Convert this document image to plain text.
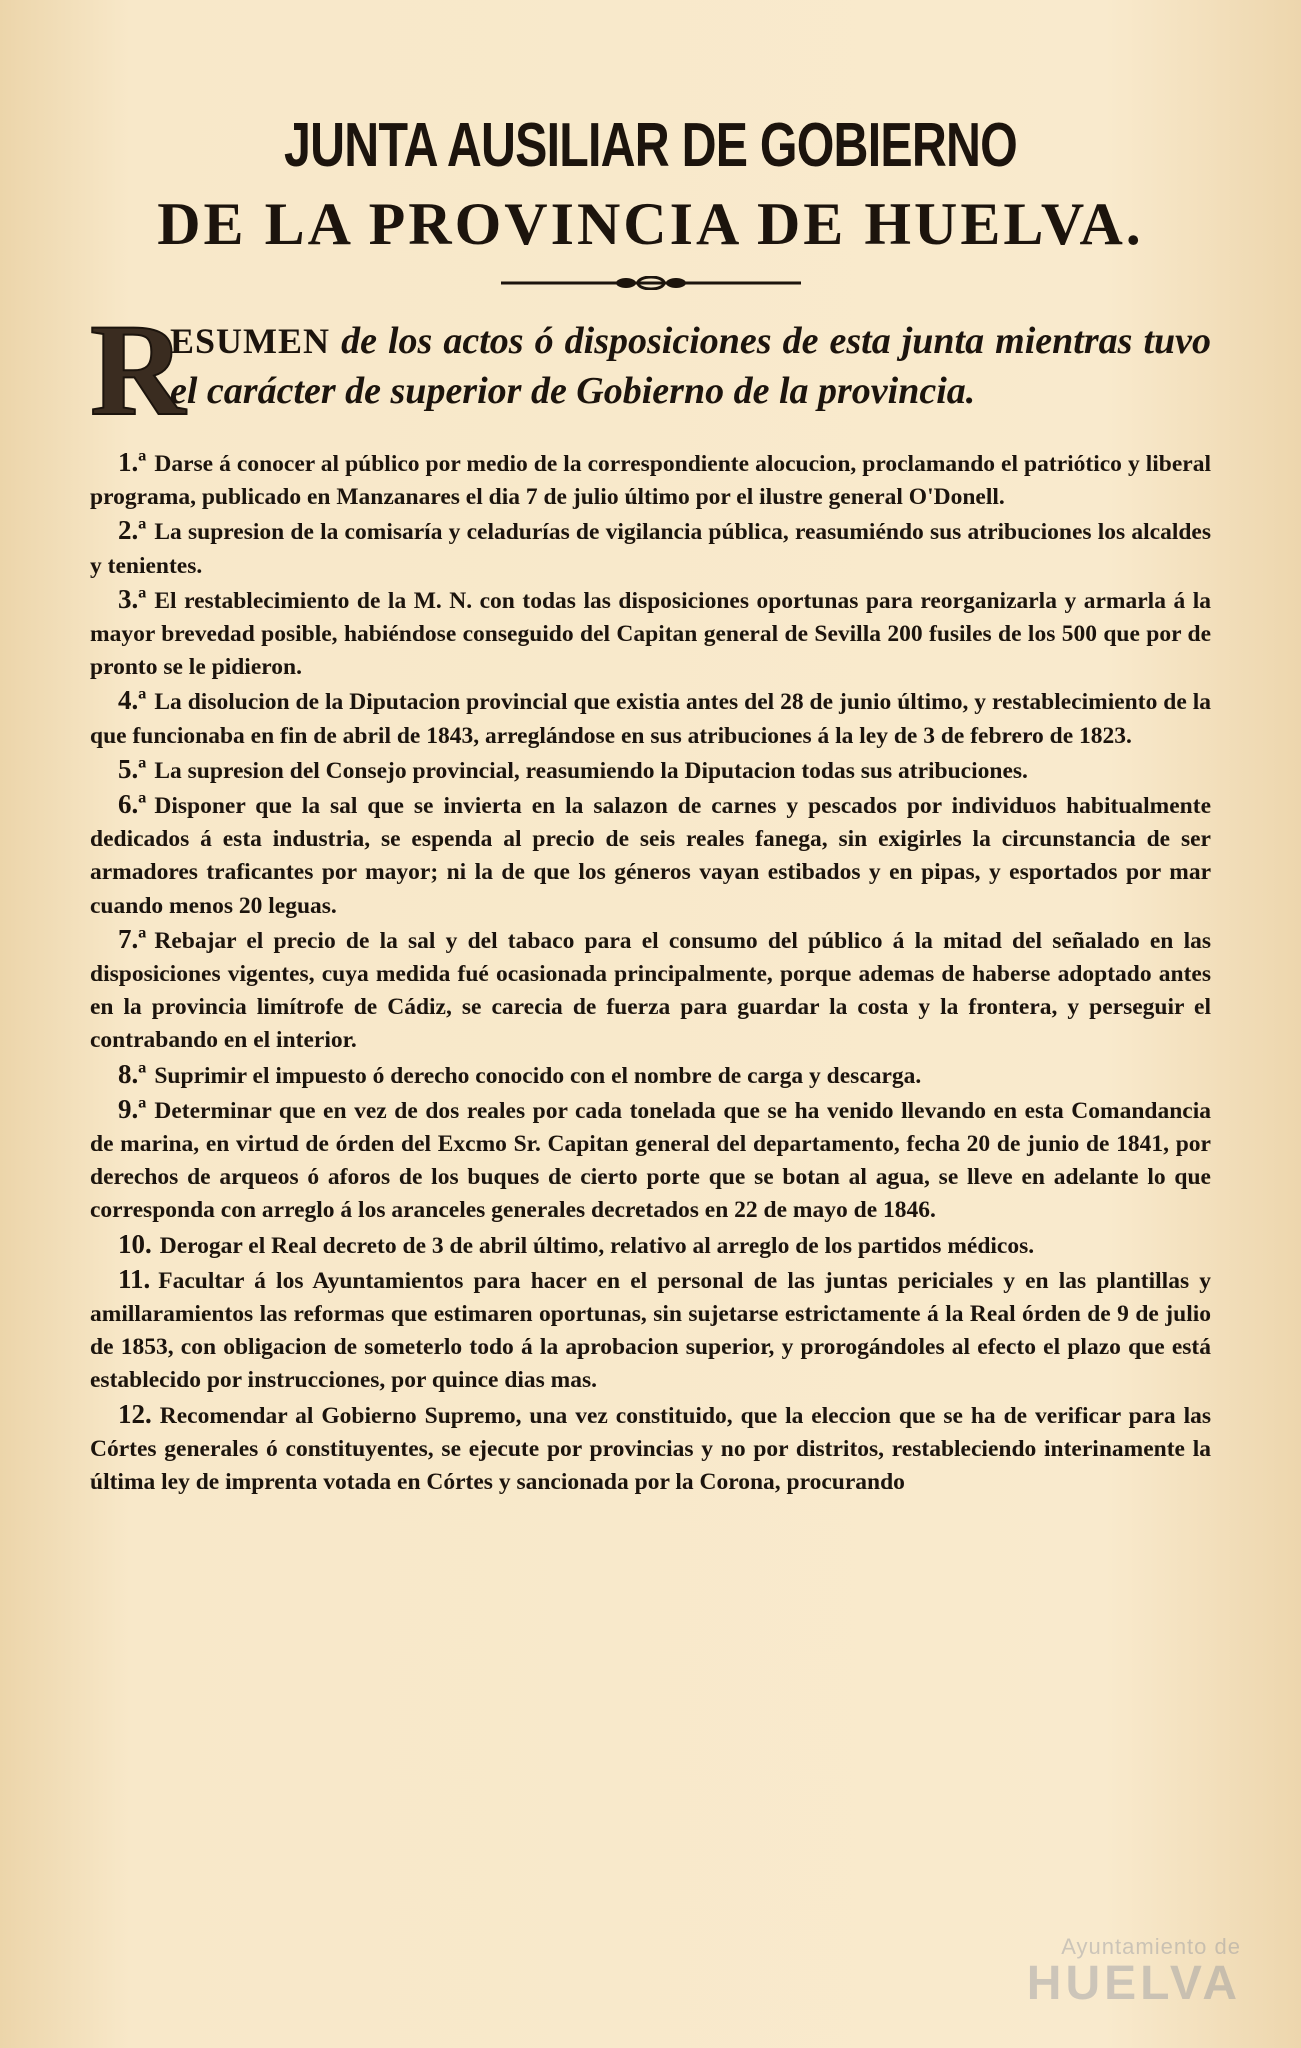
JUNTA AUSILIAR DE GOBIERNO
DE LA PROVINCIA DE HUELVA.
R
ESUMEN de los actos ó disposiciones de esta junta mientras tuvo el carácter de superior de Gobierno de la provincia.

1.ª Darse á conocer al público por medio de la correspondiente alocucion, proclamando el patriótico y liberal programa, publicado en Manzanares el dia 7 de julio último por el ilustre general O'Donell.

2.ª La supresion de la comisaría y celadurías de vigilancia pública, reasumiéndo sus atribuciones los alcaldes y tenientes.

3.ª El restablecimiento de la M. N. con todas las disposiciones oportunas para reorganizarla y armarla á la mayor brevedad posible, habiéndose conseguido del Capitan general de Sevilla 200 fusiles de los 500 que por de pronto se le pidieron.

4.ª La disolucion de la Diputacion provincial que existia antes del 28 de junio último, y restablecimiento de la que funcionaba en fin de abril de 1843, arreglándose en sus atribuciones á la ley de 3 de febrero de 1823.

5.ª La supresion del Consejo provincial, reasumiendo la Diputacion todas sus atribuciones.

6.ª Disponer que la sal que se invierta en la salazon de carnes y pescados por individuos habitualmente dedicados á esta industria, se espenda al precio de seis reales fanega, sin exigirles la circunstancia de ser armadores traficantes por mayor; ni la de que los géneros vayan estibados y en pipas, y esportados por mar cuando menos 20 leguas.

7.ª Rebajar el precio de la sal y del tabaco para el consumo del público á la mitad del señalado en las disposiciones vigentes, cuya medida fué ocasionada principalmente, porque ademas de haberse adoptado antes en la provincia limítrofe de Cádiz, se carecia de fuerza para guardar la costa y la frontera, y perseguir el contrabando en el interior.

8.ª Suprimir el impuesto ó derecho conocido con el nombre de carga y descarga.

9.ª Determinar que en vez de dos reales por cada tonelada que se ha venido llevando en esta Comandancia de marina, en virtud de órden del Excmo Sr. Capitan general del departamento, fecha 20 de junio de 1841, por derechos de arqueos ó aforos de los buques de cierto porte que se botan al agua, se lleve en adelante lo que corresponda con arreglo á los aranceles generales decretados en 22 de mayo de 1846.

10. Derogar el Real decreto de 3 de abril último, relativo al arreglo de los partidos médicos.

11. Facultar á los Ayuntamientos para hacer en el personal de las juntas periciales y en las plantillas y amillaramientos las reformas que estimaren oportunas, sin sujetarse estrictamente á la Real órden de 9 de julio de 1853, con obligacion de someterlo todo á la aprobacion superior, y prorogándoles al efecto el plazo que está establecido por instrucciones, por quince dias mas.

12. Recomendar al Gobierno Supremo, una vez constituido, que la eleccion que se ha de verificar para las Córtes generales ó constituyentes, se ejecute por provincias y no por distritos, restableciendo interinamente la última ley de imprenta votada en Córtes y sancionada por la Corona, procurando

Ayuntamiento de
HUELVA
